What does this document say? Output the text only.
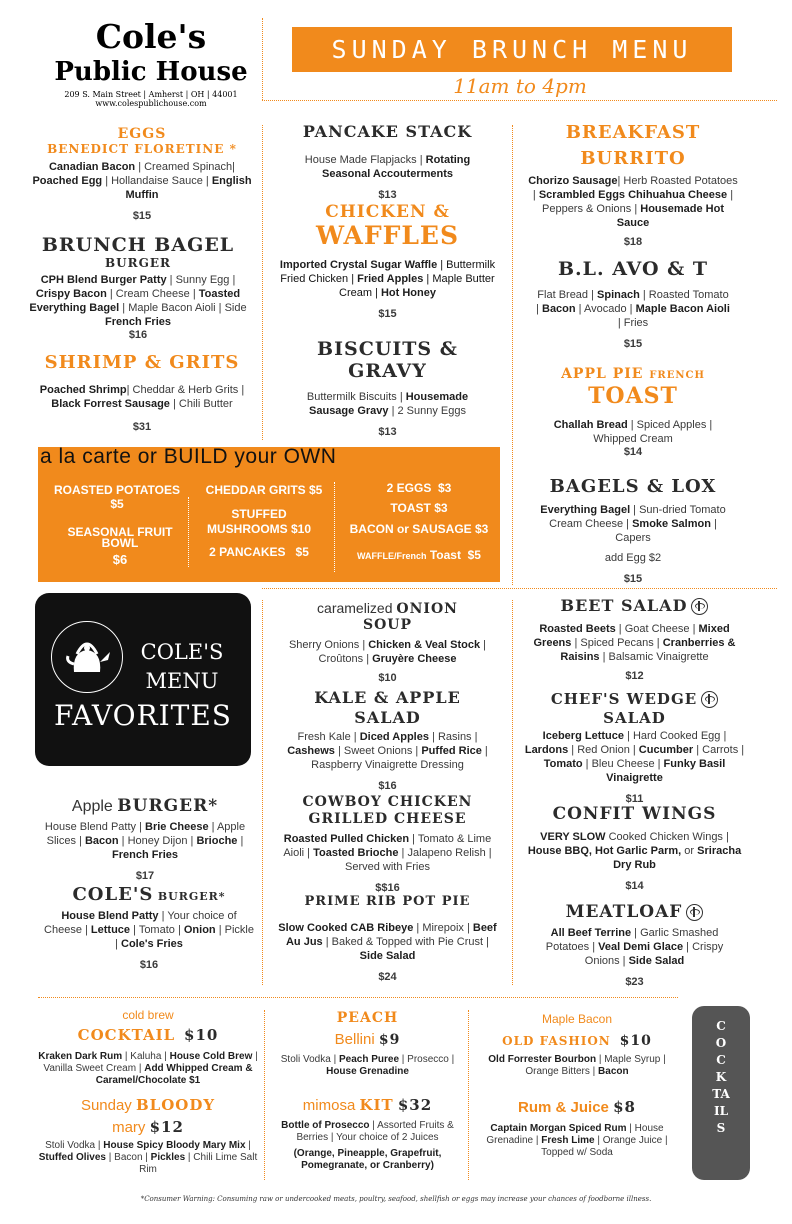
Cole's
Public House
209 S. Main Street | Amherst | OH | 44001
www.colespublichouse.com
SUNDAY BRUNCH MENU
11am to 4pm
EGGS
BENEDICT FLORETINE *
Canadian Bacon | Creamed Spinach| Poached Egg | Hollandaise Sauce | English Muffin
$15
BRUNCH BAGEL
BURGER
CPH Blend Burger Patty | Sunny Egg | Crispy Bacon | Cream Cheese | Toasted Everything Bagel | Maple Bacon Aioli | Side French Fries
$16
SHRIMP & GRITS
Poached Shrimp| Cheddar & Herb Grits | Black Forrest Sausage | Chili Butter
$31
PANCAKE STACK
House Made Flapjacks | Rotating Seasonal Accouterments
$13
CHICKEN &
WAFFLES
Imported Crystal Sugar Waffle | Buttermilk Fried Chicken | Fried Apples | Maple Butter Cream | Hot Honey
$15
BISCUITS &
GRAVY
Buttermilk Biscuits | Housemade Sausage Gravy | 2 Sunny Eggs
$13
BREAKFAST
BURRITO
Chorizo Sausage| Herb Roasted Potatoes | Scrambled Eggs Chihuahua Cheese | Peppers & Onions | Housemade Hot Sauce
$18
B.L. AVO & T
Flat Bread | Spinach | Roasted Tomato | Bacon | Avocado | Maple Bacon Aioli | Fries
$15
APPL PIE FRENCH
TOAST
Challah Bread | Spiced Apples | Whipped Cream
$14
BAGELS & LOX
Everything Bagel | Sun-dried Tomato Cream Cheese | Smoke Salmon | Capers
add Egg $2
$15
a la carte or BUILD your OWN
ROASTED POTATOES $5
SEASONAL FRUIT BOWL
$6
CHEDDAR GRITS $5
STUFFED MUSHROOMS $10
2 PANCAKES   $5
2 EGGS  $3
TOAST $3
BACON or SAUSAGE $3
WAFFLE/French Toast  $5
COLE'S
MENU
FAVORITES
Apple BURGER*
House Blend Patty | Brie Cheese | Apple Slices | Bacon | Honey Dijon | Brioche | French Fries
$17
COLE'S BURGER*
House Blend Patty | Your choice of Cheese | Lettuce | Tomato | Onion | Pickle | Cole's Fries
$16
caramelized ONION
SOUP
Sherry Onions | Chicken & Veal Stock | Croûtons | Gruyère Cheese
$10
KALE & APPLE
SALAD
Fresh Kale | Diced Apples | Rasins | Cashews | Sweet Onions | Puffed Rice | Raspberry Vinaigrette Dressing
$16
COWBOY CHICKEN
GRILLED CHEESE
Roasted Pulled Chicken | Tomato & Lime Aioli | Toasted Brioche | Jalapeno Relish | Served with Fries
$$16
PRIME RIB POT PIE
Slow Cooked CAB Ribeye | Mirepoix | Beef Au Jus | Baked & Topped with Pie Crust | Side Salad
$24
BEET SALAD
Roasted Beets | Goat Cheese | Mixed Greens | Spiced Pecans | Cranberries & Raisins | Balsamic Vinaigrette
$12
CHEF'S WEDGE
SALAD
Iceberg Lettuce | Hard Cooked Egg | Lardons | Red Onion | Cucumber | Carrots | Tomato | Bleu Cheese | Funky Basil Vinaigrette
$11
CONFIT WINGS
VERY SLOW Cooked Chicken Wings | House BBQ, Hot Garlic Parm, or Sriracha Dry Rub
$14
MEATLOAF
All Beef Terrine | Garlic Smashed Potatoes | Veal Demi Glace | Crispy Onions | Side Salad
$23
cold brew
COCKTAIL $10
Kraken Dark Rum | Kaluha | House Cold Brew | Vanilla Sweet Cream | Add Whipped Cream & Caramel/Chocolate $1
Sunday BLOODY
mary $12
Stoli Vodka | House Spicy Bloody Mary Mix | Stuffed Olives | Bacon | Pickles | Chili Lime Salt Rim
PEACH
Bellini $9
Stoli Vodka | Peach Puree | Prosecco | House Grenadine
mimosa KIT $32
Bottle of Prosecco | Assorted Fruits & Berries | Your choice of 2 Juices
(Orange, Pineapple, Grapefruit, Pomegranate, or Cranberry)
Maple Bacon
OLD FASHION $10
Old Forrester Bourbon | Maple Syrup | Orange Bitters | Bacon
Rum & Juice $8
Captain Morgan Spiced Rum | House Grenadine | Fresh Lime | Orange Juice | Topped w/ Soda
COCKTAILS
*Consumer Warning: Consuming raw or undercooked meats, poultry, seafood, shellfish or eggs may increase your chances of foodborne illness.
